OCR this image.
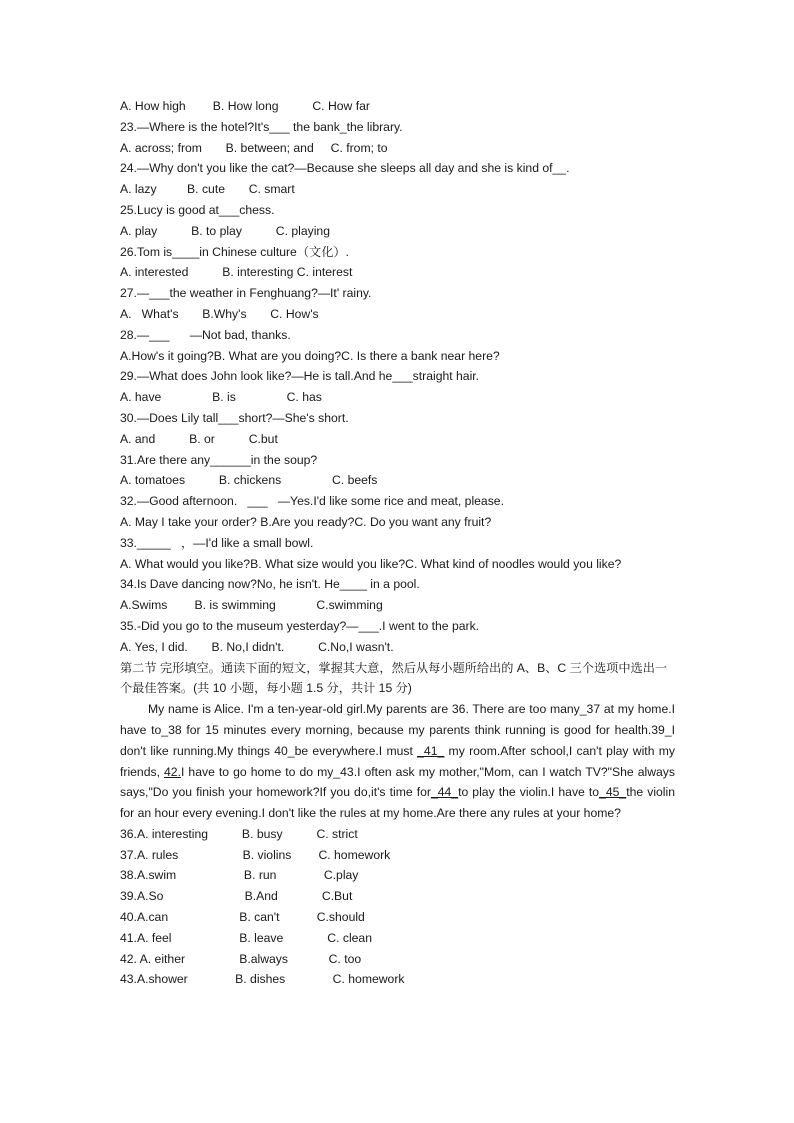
A. How high        B. How long          C. How far
23.—Where is the hotel?It's___ the bank_the library.
A. across; from       B. between; and     C. from; to
24.—Why don't you like the cat?—Because she sleeps all day and she is kind of__.
A. lazy         B. cute       C. smart
25.Lucy is good at___chess.
A. play          B. to play          C. playing
26.Tom is____in Chinese culture（文化）.
A. interested          B. interesting C. interest
27.—___the weather in Fenghuang?—It' rainy.
A.   What's       B.Why's       C. How's
28.—___      —Not bad, thanks.
A.How's it going?B. What are you doing?C. Is there a bank near here?
29.—What does John look like?—He is tall.And he___straight hair.
A. have               B. is               C. has
30.—Does Lily tall___short?—She's short.
A. and          B. or          C.but
31.Are there any______in the soup?
A. tomatoes          B. chickens               C. beefs
32.—Good afternoon.   ___   —Yes.I'd like some rice and meat, please.
A. May I take your order? B.Are you ready?C. Do you want any fruit?
33._____   ，—I'd like a small bowl.
A. What would you like?B. What size would you like?C. What kind of noodles would you like?
34.Is Dave dancing now?No, he isn't. He____ in a pool.
A.Swims        B. is swimming            C.swimming
35.-Did you go to the museum yesterday?—___.I went to the park.
A. Yes, I did.       B. No,I didn't.          C.No,I wasn't.

第二节 完形填空。通读下面的短文，掌握其大意，然后从每小题所给出的 A、B、C 三个选项中选出一个最佳答案。(共 10 小题，每小题 1.5 分，共计 15 分)

My name is Alice. I'm a ten-year-old girl.My parents are 36. There are too many_37 at my home.I have to_38 for 15 minutes every morning, because my parents think running is good for health.39_I don't like running.My things 40_be everywhere.I must _41_ my room.After school,I can't play with my friends, 42.I have to go home to do my_43.I often ask my mother,"Mom, can I watch TV?"She always says,"Do you finish your homework?If you do,it's time for_44_to play the violin.I have to_45_the violin for an hour every evening.I don't like the rules at my home.Are there any rules at your home?

36.A. interesting          B. busy          C. strict
37.A. rules                   B. violins        C. homework
38.A.swim                    B. run              C.play
39.A.So                        B.And             C.But
40.A.can                     B. can't           C.should
41.A. feel                    B. leave             C. clean
42. A. either                B.always            C. too
43.A.shower              B. dishes              C. homework
